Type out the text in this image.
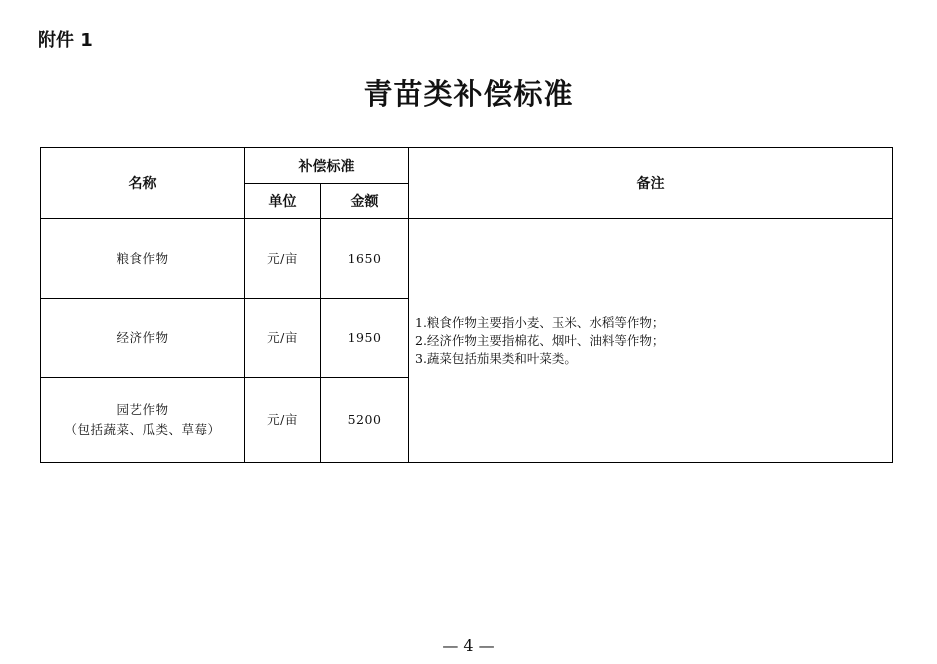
附件 1
青苗类补偿标准
名称	补偿标准		备注
	单位	金额	
粮食作物	元/亩	1650	1.粮食作物主要指小麦、玉米、水稻等作物；
2.经济作物主要指棉花、烟叶、油料等作物；
3.蔬菜包括茄果类和叶菜类。

经济作物	元/亩	1950	

园艺作物
（包括蔬菜、瓜类、草莓）	元/亩	5200	
— 4 —
